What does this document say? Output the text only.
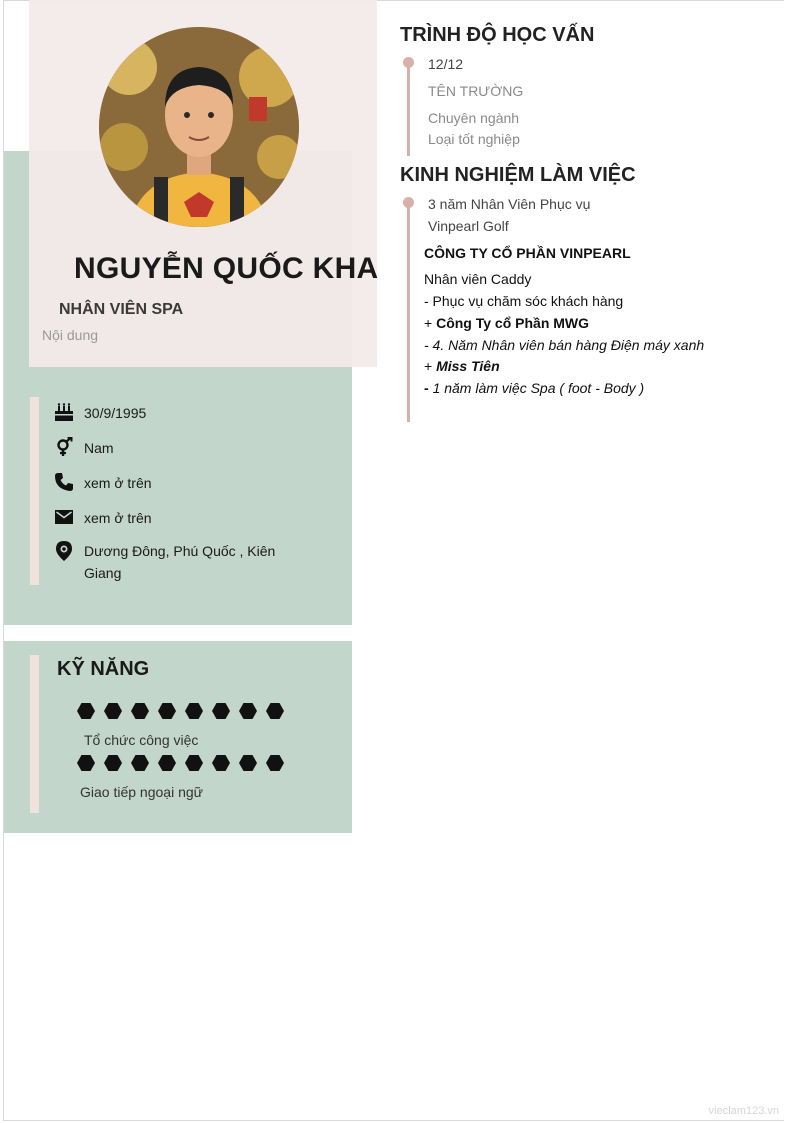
NGUYỄN QUỐC KHA
NHÂN VIÊN SPA
Nội dung
30/9/1995
Nam
xem ở trên
xem ở trên
Dương Đông, Phú Quốc , Kiên Giang
KỸ NĂNG
Tổ chức công việc
Giao tiếp ngoại ngữ
TRÌNH ĐỘ HỌC VẤN
12/12
TÊN TRƯỜNG
Chuyên ngành
Loại tốt nghiệp
KINH NGHIỆM LÀM VIỆC
3 năm Nhân Viên Phục vụ
Vinpearl Golf
CÔNG TY CỔ PHẦN VINPEARL
Nhân viên Caddy
- Phục vụ chăm sóc khách hàng
+ Công Ty cổ Phần MWG
- 4. Năm Nhân viên bán hàng Điện máy xanh
+ Miss Tiên
- 1 năm làm việc Spa ( foot - Body )
vieclam123.vn
